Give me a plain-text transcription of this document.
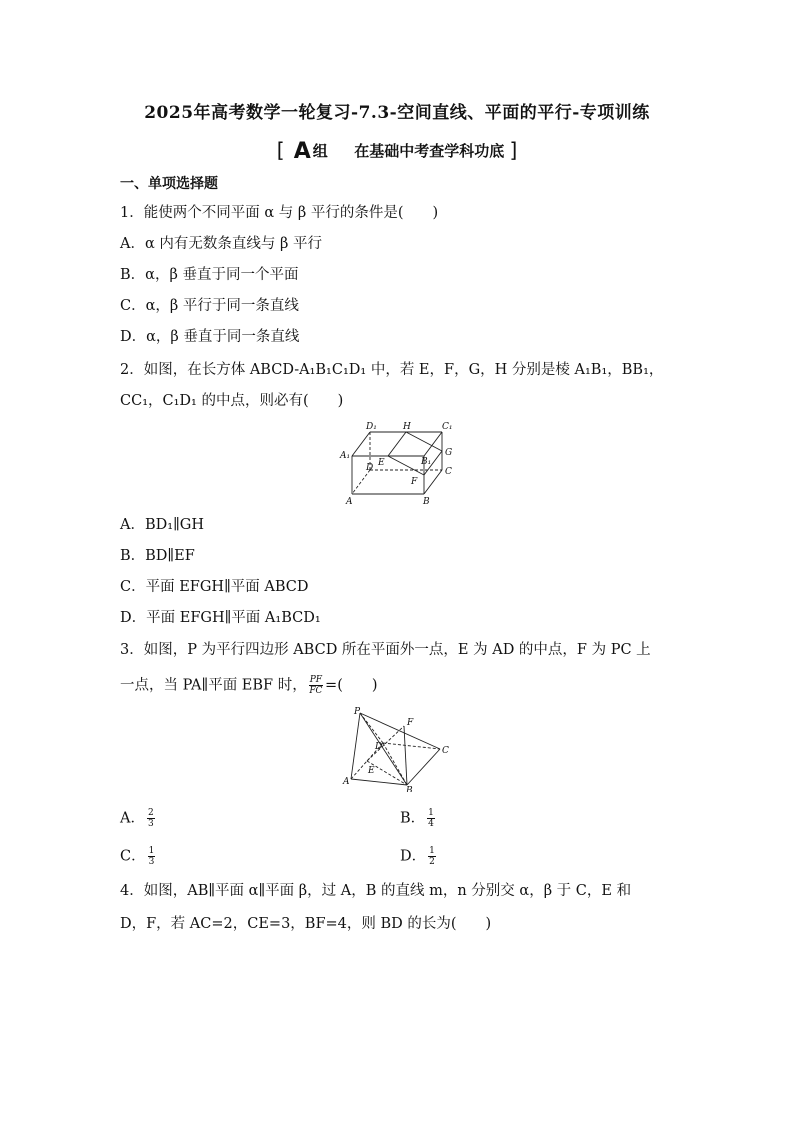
2025年高考数学一轮复习-7.3-空间直线、平面的平行-专项训练
[ A 组 在基础中考查学科功底 ]
一、单项选择题
1．能使两个不同平面 α 与 β 平行的条件是(　　)
A．α 内有无数条直线与 β 平行
B．α，β 垂直于同一个平面
C．α，β 平行于同一条直线
D．α，β 垂直于同一条直线
2．如图，在长方体 ABCD-A₁B₁C₁D₁ 中，若 E，F，G，H 分别是棱 A₁B₁，BB₁，
CC₁，C₁D₁ 的中点，则必有(　　)
D₁	H	C₁
A₁
E	B₁
G
D	C
F
A	B
A．BD₁∥GH
B．BD∥EF
C．平面 EFGH∥平面 ABCD
D．平面 EFGH∥平面 A₁BCD₁
3．如图，P 为平行四边形 ABCD 所在平面外一点，E 为 AD 的中点，F 为 PC 上
一点，当 PA∥平面 EBF 时， $\frac{PF}{FC}$ =(　　)
P
F
D	C
E
A
B
A． $\frac{2}{3}$	B． $\frac{1}{4}$
C． $\frac{1}{3}$	D． $\frac{1}{2}$
4．如图，AB∥平面 α∥平面 β，过 A，B 的直线 m，n 分别交 α，β 于 C，E 和
D，F，若 AC=2，CE=3，BF=4，则 BD 的长为(　　)
